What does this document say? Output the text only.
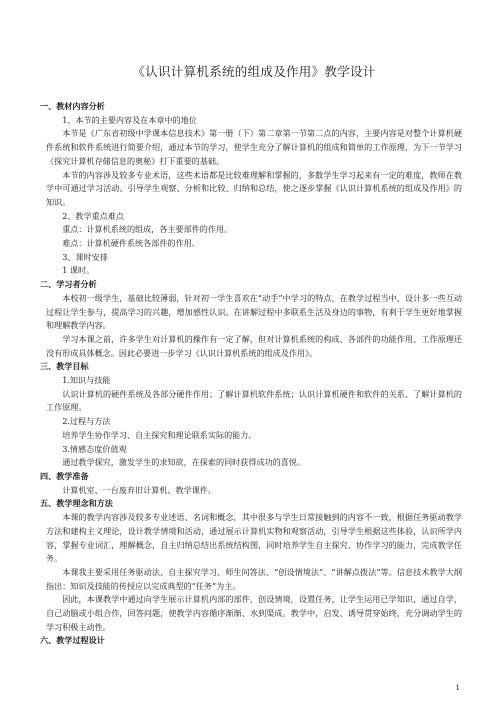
《认识计算机系统的组成及作用》教学设计

一、教材内容分析

1、本节的主要内容及在本章中的地位

本节是《广东省初级中学课本信息技术》第一册（下）第二章第一节第二点的内容，主要内容是对整个计算机硬件系统和软件系统进行简要介绍，通过本节的学习，使学生充分了解计算机的组成和简单的工作原理，为下一节学习《探究计算机存储信息的奥秘》打下重要的基础。

本节的内容涉及较多专业术语，这些术语都是比较难理解和掌握的，多数学生学习起来有一定的难度，教师在教学中可通过学习活动、引导学生观察、分析和比较、归纳和总结，使之逐步掌握《认识计算机系统的组成及作用》的知识。

2、教学重点难点

重点：计算机系统的组成，各主要部件的作用。

难点：计算机硬件系统各部件的作用。

3、课时安排

1 课时。

二、学习者分析

本校初一级学生，基础比较薄弱，针对初一学生喜欢在“动手”中学习的特点，在教学过程当中，设计多一些互动过程让学生参与，提高学习的兴趣，增加感性认识。在讲解过程中多联系生活及身边的事物，有利于学生更好地掌握和理解教学内容。

学习本课之前，许多学生对计算机的操作有一定了解，但对计算机系统的构成、各部件的功能作用、工作原理还没有形成具体概念。因此必要进一步学习《认识计算机系统的组成及作用》。

三、教学目标

1.知识与技能

认识计算机的硬件系统及各部分硬件作用；了解计算机软件系统；认识计算机硬件和软件的关系、了解计算机的工作原理。

2.过程与方法

培养学生协作学习、自主探究和理论联系实际的能力。

3.情感态度价值观

通过教学探究，激发学生的求知欲，在探索的同时获得成功的喜悦。

四、教学准备

计算机室、一台废弃旧计算机、教学课件。

五、教学理念和方法

本课的教学内容涉及较多专业述语、名词和概念，其中很多与学生日常接触到的内容不一致，根据任务驱动教学方法和建构主义理论，设计教学情境和活动，通过展示计算机实物和观察活动，引导学生根据这些体验，认识所学内容，掌握专业词汇，理解概念，自主归纳总结出系统结构图，同时培养学生自主探究、协作学习的能力，完成教学任务。

本课我主要采用任务驱动法、自主探究学习、师生问答法、“创设情境法”、“讲解点拨法”等。信息技术教学大纲指出：知识及技能的传授应以完成典型的“任务”为主。

因此，本课教学中通过向学生展示计算机内部的部件，创设情境，设置任务，让学生运用已学知识，通过自学，自己动脑或小组合作，回答问题，使教学内容循序渐渐、水到渠成。教学中，启发、诱导贯穿始终，充分调动学生的学习积极主动性。

六、教学过程设计

1
